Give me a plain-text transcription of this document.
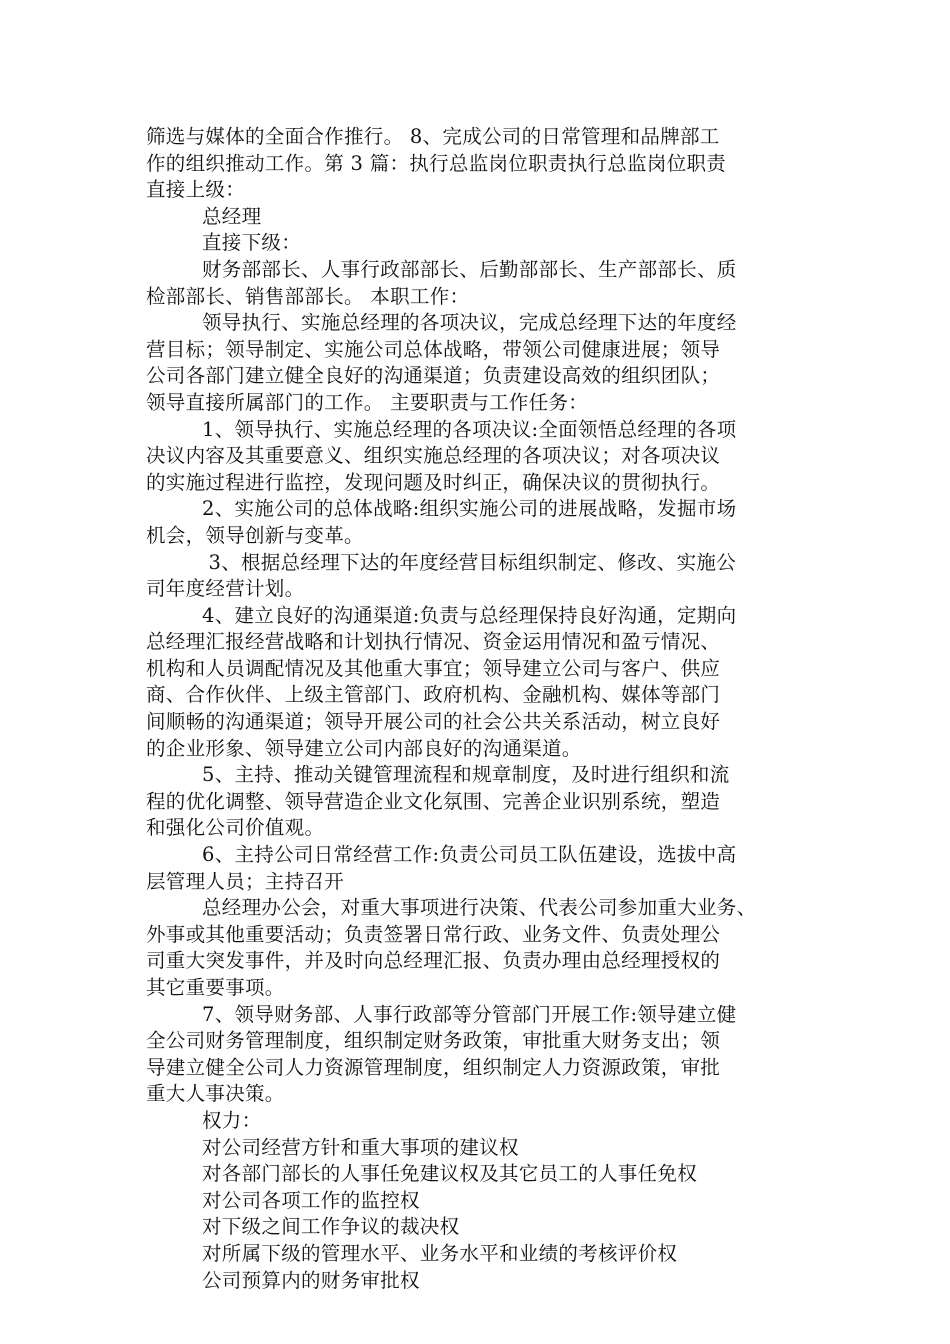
筛选与媒体的全面合作推行。 8、完成公司的日常管理和品牌部工
作的组织推动工作。第 3 篇：执行总监岗位职责执行总监岗位职责
直接上级：
总经理
直接下级：
财务部部长、人事行政部部长、后勤部部长、生产部部长、质
检部部长、销售部部长。 本职工作：
领导执行、实施总经理的各项决议，完成总经理下达的年度经
营目标；领导制定、实施公司总体战略，带领公司健康进展；领导
公司各部门建立健全良好的沟通渠道；负责建设高效的组织团队；
领导直接所属部门的工作。 主要职责与工作任务：
1、领导执行、实施总经理的各项决议:全面领悟总经理的各项
决议内容及其重要意义、组织实施总经理的各项决议；对各项决议
的实施过程进行监控，发现问题及时纠正，确保决议的贯彻执行。
2、实施公司的总体战略:组织实施公司的进展战略，发掘市场
机会，领导创新与变革。
3、根据总经理下达的年度经营目标组织制定、修改、实施公
司年度经营计划。
4、建立良好的沟通渠道:负责与总经理保持良好沟通，定期向
总经理汇报经营战略和计划执行情况、资金运用情况和盈亏情况、
机构和人员调配情况及其他重大事宜；领导建立公司与客户、供应
商、合作伙伴、上级主管部门、政府机构、金融机构、媒体等部门
间顺畅的沟通渠道；领导开展公司的社会公共关系活动，树立良好
的企业形象、领导建立公司内部良好的沟通渠道。
5、主持、推动关键管理流程和规章制度，及时进行组织和流
程的优化调整、领导营造企业文化氛围、完善企业识别系统，塑造
和强化公司价值观。
6、主持公司日常经营工作:负责公司员工队伍建设，选拔中高
层管理人员；主持召开
总经理办公会，对重大事项进行决策、代表公司参加重大业务、
外事或其他重要活动；负责签署日常行政、业务文件、负责处理公
司重大突发事件，并及时向总经理汇报、负责办理由总经理授权的
其它重要事项。
7、领导财务部、人事行政部等分管部门开展工作:领导建立健
全公司财务管理制度，组织制定财务政策，审批重大财务支出；领
导建立健全公司人力资源管理制度，组织制定人力资源政策，审批
重大人事决策。
权力：
对公司经营方针和重大事项的建议权
对各部门部长的人事任免建议权及其它员工的人事任免权
对公司各项工作的监控权
对下级之间工作争议的裁决权
对所属下级的管理水平、业务水平和业绩的考核评价权
公司预算内的财务审批权
